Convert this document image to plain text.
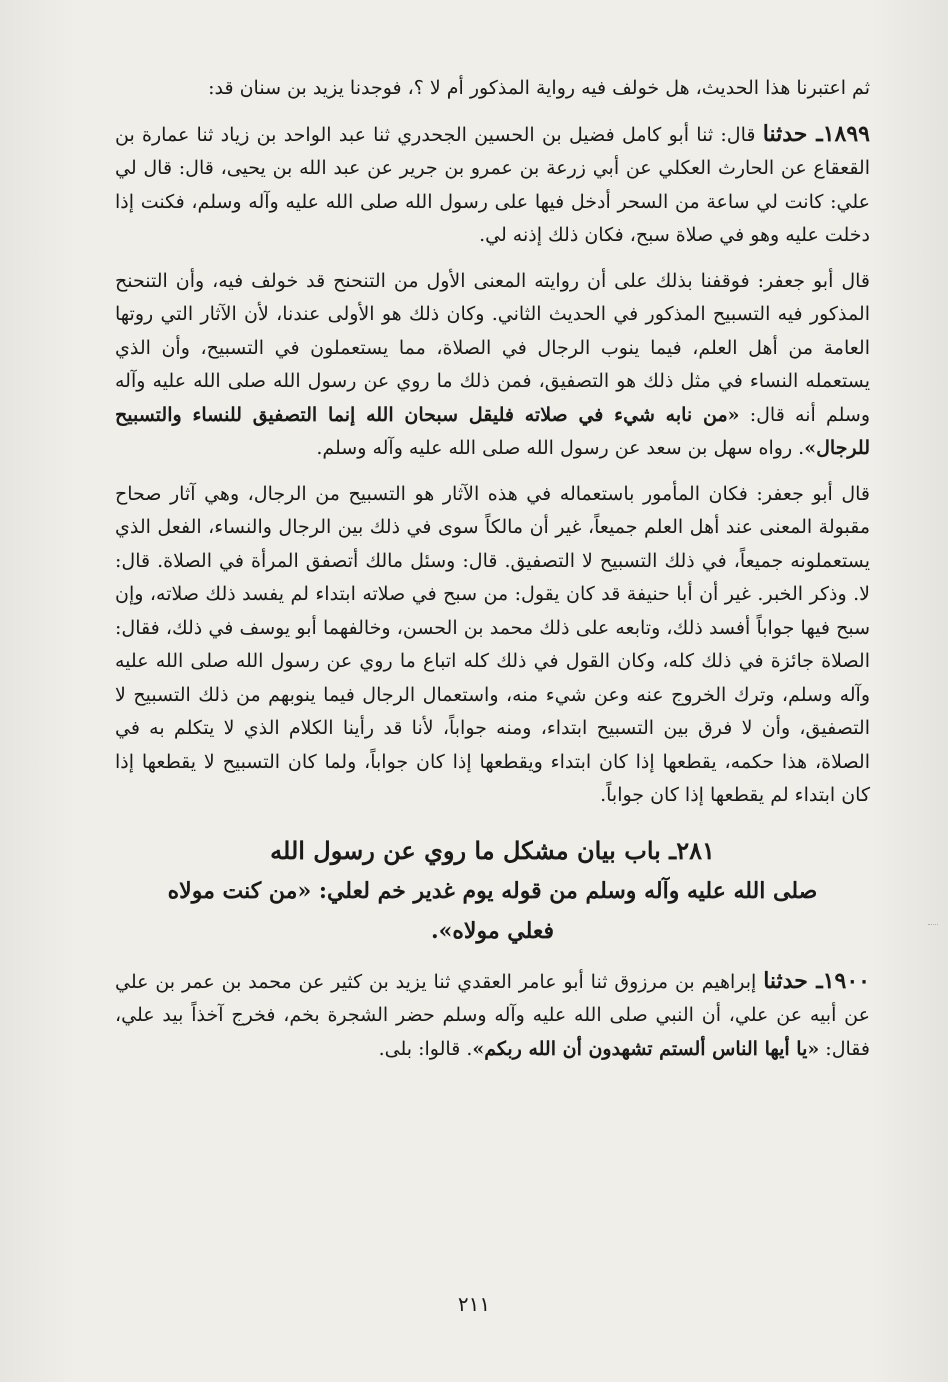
ثم اعتبرنا هذا الحديث، هل خولف فيه رواية المذكور أم لا ؟، فوجدنا يزيد بن سنان قد:

١٨٩٩ـ حدثنا قال: ثنا أبو كامل فضيل بن الحسين الجحدري ثنا عبد الواحد بن زياد ثنا عمارة بن القعقاع عن الحارث العكلي عن أبي زرعة بن عمرو بن جرير عن عبد الله بن يحيى، قال: قال لي علي: كانت لي ساعة من السحر أدخل فيها على رسول الله صلى الله عليه وآله وسلم، فكنت إذا دخلت عليه وهو في صلاة سبح، فكان ذلك إذنه لي.

قال أبو جعفر: فوقفنا بذلك على أن روايته المعنى الأول من التنحنح قد خولف فيه، وأن التنحنح المذكور فيه التسبيح المذكور في الحديث الثاني. وكان ذلك هو الأولى عندنا، لأن الآثار التي روتها العامة من أهل العلم، فيما ينوب الرجال في الصلاة، مما يستعملون في التسبيح، وأن الذي يستعمله النساء في مثل ذلك هو التصفيق، فمن ذلك ما روي عن رسول الله صلى الله عليه وآله وسلم أنه قال: «من نابه شيء في صلاته فليقل سبحان الله إنما التصفيق للنساء والتسبيح للرجال». رواه سهل بن سعد عن رسول الله صلى الله عليه وآله وسلم.

قال أبو جعفر: فكان المأمور باستعماله في هذه الآثار هو التسبيح من الرجال، وهي آثار صحاح مقبولة المعنى عند أهل العلم جميعاً، غير أن مالكاً سوى في ذلك بين الرجال والنساء، الفعل الذي يستعملونه جميعاً، في ذلك التسبيح لا التصفيق. قال: وسئل مالك أتصفق المرأة في الصلاة. قال: لا. وذكر الخبر. غير أن أبا حنيفة قد كان يقول: من سبح في صلاته ابتداء لم يفسد ذلك صلاته، وإن سبح فيها جواباً أفسد ذلك، وتابعه على ذلك محمد بن الحسن، وخالفهما أبو يوسف في ذلك، فقال: الصلاة جائزة في ذلك كله، وكان القول في ذلك كله اتباع ما روي عن رسول الله صلى الله عليه وآله وسلم، وترك الخروج عنه وعن شيء منه، واستعمال الرجال فيما ينوبهم من ذلك التسبيح لا التصفيق، وأن لا فرق بين التسبيح ابتداء، ومنه جواباً، لأنا قد رأينا الكلام الذي لا يتكلم به في الصلاة، هذا حكمه، يقطعها إذا كان ابتداء ويقطعها إذا كان جواباً، ولما كان التسبيح لا يقطعها إذا كان ابتداء لم يقطعها إذا كان جواباً.

٢٨١ـ باب بيان مشكل ما روي عن رسول الله
صلى الله عليه وآله وسلم من قوله يوم غدير خم لعلي: «من كنت مولاه
فعلي مولاه».

١٩٠٠ـ حدثنا إبراهيم بن مرزوق ثنا أبو عامر العقدي ثنا يزيد بن كثير عن محمد بن عمر بن علي عن أبيه عن علي، أن النبي صلى الله عليه وآله وسلم حضر الشجرة بخم، فخرج آخذاً بيد علي، فقال: «يا أيها الناس ألستم تشهدون أن الله ربكم». قالوا: بلى.

٢١١
